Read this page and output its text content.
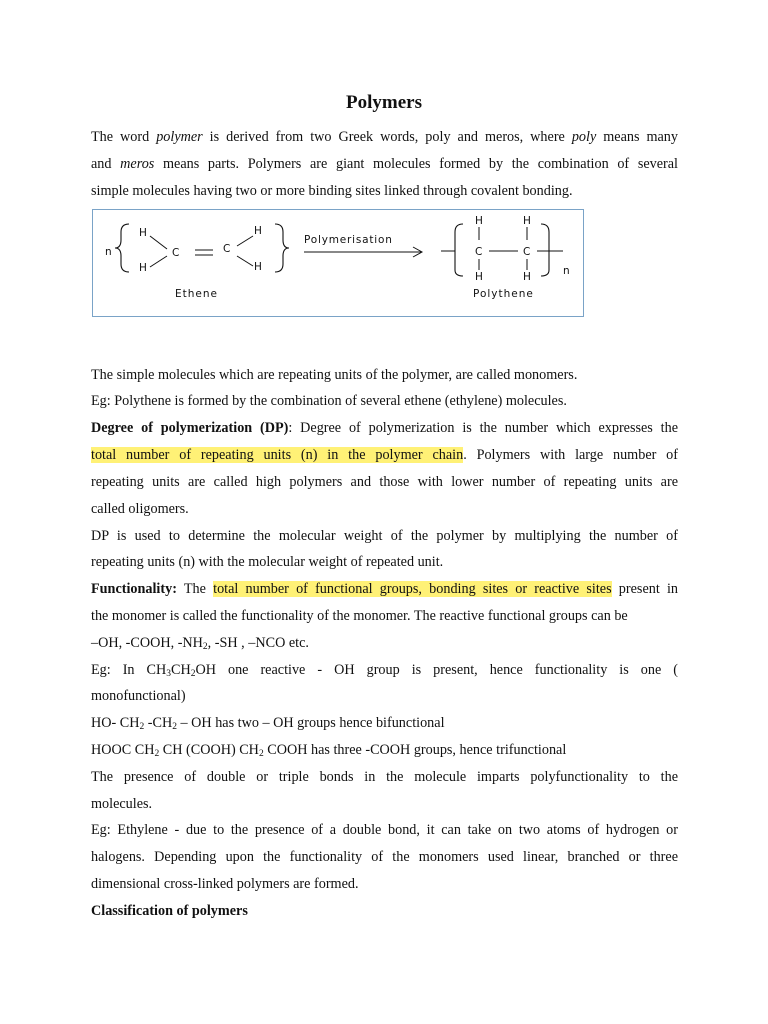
Polymers
The word polymer is derived from two Greek words, poly and meros, where poly means many
and meros means parts. Polymers are giant molecules formed by the combination of several
simple molecules having two or more binding sites linked through covalent bonding.
n
H
H
C	C
H
H
Ethene
Polymerisation
H
C
H
H
C
H	n
Polythene
The simple molecules which are repeating units of the polymer, are called monomers.
Eg: Polythene is formed by the combination of several ethene (ethylene) molecules.
Degree of polymerization (DP): Degree of polymerization is the number which expresses the
total number of repeating units (n) in the polymer chain. Polymers with large number of
repeating units are called high polymers and those with lower number of repeating units are
called oligomers.
DP is used to determine the molecular weight of the polymer by multiplying the number of
repeating units (n) with the molecular weight of repeated unit.
Functionality: The total number of functional groups, bonding sites or reactive sites present in
the monomer is called the functionality of the monomer. The reactive functional groups can be
–OH, -COOH, $-NH_2$, -SH , –NCO etc.
Eg: In $CH_3CH_2OH$ one reactive - OH group is present, hence functionality is one (
monofunctional)
HO- $CH_2$ $-CH_2$ – OH has two – OH groups hence bifunctional
HOOC $CH_2$ CH (COOH) $CH_2$ COOH has three -COOH groups, hence trifunctional
The presence of double or triple bonds in the molecule imparts polyfunctionality to the
molecules.
Eg: Ethylene - due to the presence of a double bond, it can take on two atoms of hydrogen or
halogens. Depending upon the functionality of the monomers used linear, branched or three
dimensional cross-linked polymers are formed.
Classification of polymers
